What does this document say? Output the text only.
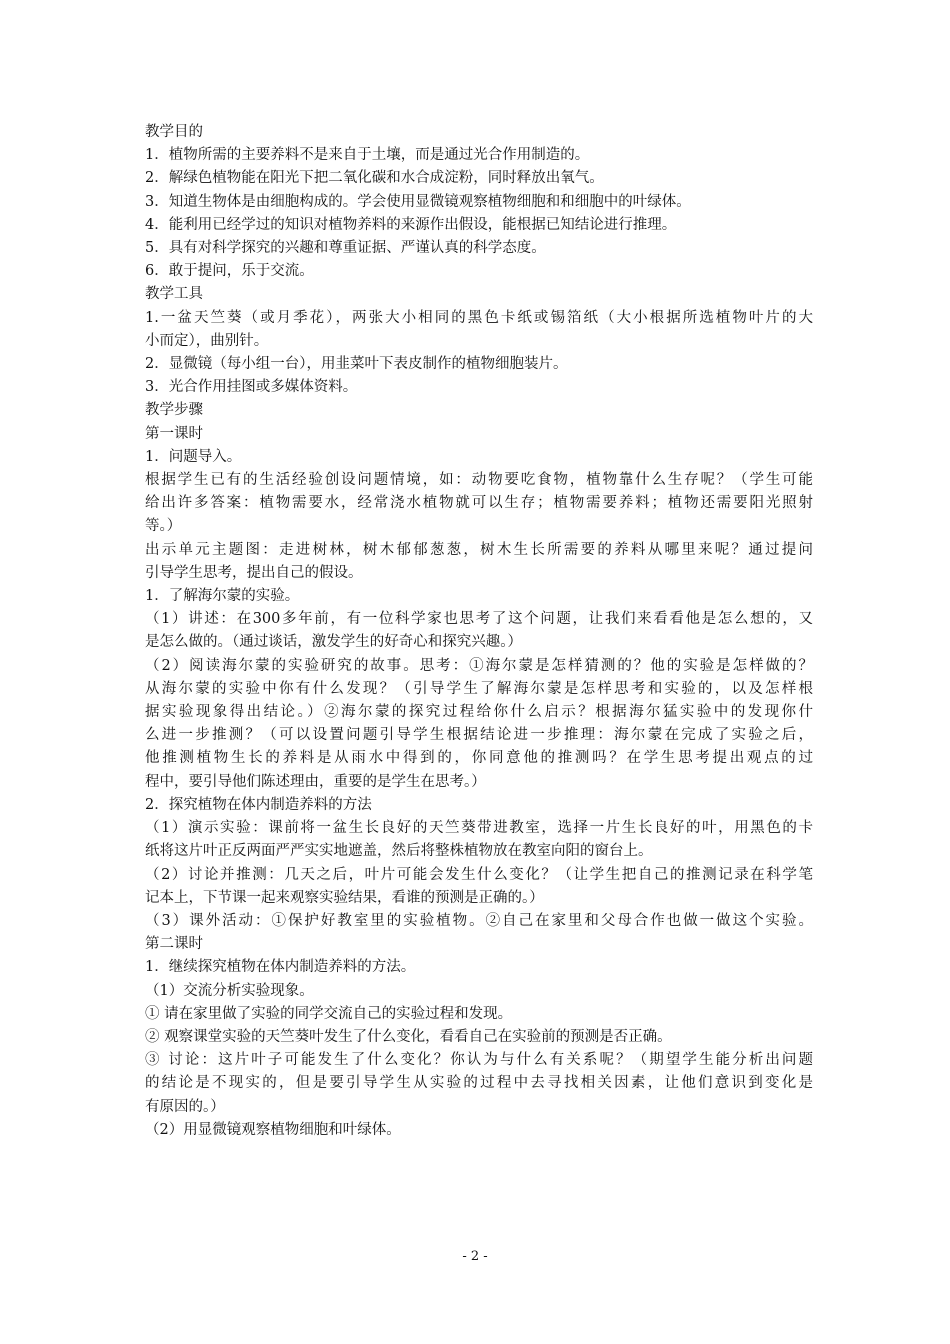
教学目的
1．植物所需的主要养料不是来自于土壤，而是通过光合作用制造的。
2．解绿色植物能在阳光下把二氧化碳和水合成淀粉，同时释放出氧气。
3．知道生物体是由细胞构成的。学会使用显微镜观察植物细胞和和细胞中的叶绿体。
4．能利用已经学过的知识对植物养料的来源作出假设，能根据已知结论进行推理。
5．具有对科学探究的兴趣和尊重证据、严谨认真的科学态度。
6．敢于提问，乐于交流。
教学工具
1.一盆天竺葵（或月季花），两张大小相同的黑色卡纸或锡箔纸（大小根据所选植物叶片的大
小而定），曲别针。
2．显微镜（每小组一台），用韭菜叶下表皮制作的植物细胞装片。
3．光合作用挂图或多媒体资料。
教学步骤
第一课时
1．问题导入。
根据学生已有的生活经验创设问题情境，如：动物要吃食物，植物靠什么生存呢？（学生可能
给出许多答案：植物需要水，经常浇水植物就可以生存；植物需要养料；植物还需要阳光照射
等。）
出示单元主题图：走进树林，树木郁郁葱葱，树木生长所需要的养料从哪里来呢？通过提问
引导学生思考，提出自己的假设。
1．了解海尔蒙的实验。
（1）讲述：在300多年前，有一位科学家也思考了这个问题，让我们来看看他是怎么想的，又
是怎么做的。（通过谈话，激发学生的好奇心和探究兴趣。）
（2）阅读海尔蒙的实验研究的故事。思考：①海尔蒙是怎样猜测的？他的实验是怎样做的？
从海尔蒙的实验中你有什么发现？（引导学生了解海尔蒙是怎样思考和实验的，以及怎样根
据实验现象得出结论。）②海尔蒙的探究过程给你什么启示？根据海尔猛实验中的发现你什
么进一步推测？（可以设置问题引导学生根据结论进一步推理：海尔蒙在完成了实验之后，
他推测植物生长的养料是从雨水中得到的，你同意他的推测吗？在学生思考提出观点的过
程中，要引导他们陈述理由，重要的是学生在思考。）
2．探究植物在体内制造养料的方法
（1）演示实验：课前将一盆生长良好的天竺葵带进教室，选择一片生长良好的叶，用黑色的卡
纸将这片叶正反两面严严实实地遮盖，然后将整株植物放在教室向阳的窗台上。
（2）讨论并推测：几天之后，叶片可能会发生什么变化？（让学生把自己的推测记录在科学笔
记本上，下节课一起来观察实验结果，看谁的预测是正确的。）
（3）课外活动：①保护好教室里的实验植物。②自己在家里和父母合作也做一做这个实验。
第二课时
1．继续探究植物在体内制造养料的方法。
（1）交流分析实验现象。
① 请在家里做了实验的同学交流自己的实验过程和发现。
② 观察课堂实验的天竺葵叶发生了什么变化，看看自己在实验前的预测是否正确。
③ 讨论：这片叶子可能发生了什么变化？你认为与什么有关系呢？（期望学生能分析出问题
的结论是不现实的，但是要引导学生从实验的过程中去寻找相关因素，让他们意识到变化是
有原因的。）
（2）用显微镜观察植物细胞和叶绿体。
- 2 -
